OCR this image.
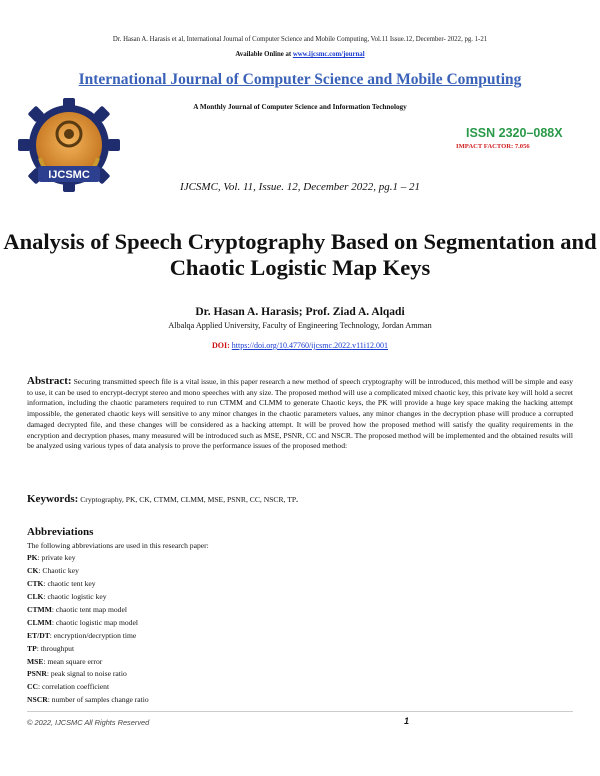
Dr. Hasan A. Harasis et al, International Journal of Computer Science and Mobile Computing, Vol.11 Issue.12, December- 2022, pg. 1-21
Available Online at www.ijcsmc.com/journal
International Journal of Computer Science and Mobile Computing
A Monthly Journal of Computer Science and Information Technology
IJCSMC
ISSN 2320–088X
IMPACT FACTOR: 7.056
IJCSMC, Vol. 11, Issue. 12, December 2022, pg.1 – 21
Analysis of Speech Cryptography Based on Segmentation and Chaotic Logistic Map Keys
Dr. Hasan A. Harasis; Prof. Ziad A. Alqadi
Albalqa Applied University, Faculty of Engineering Technology, Jordan Amman
DOI: https://doi.org/10.47760/ijcsmc.2022.v11i12.001

Abstract: Securing transmitted speech file is a vital issue, in this paper research a new method of speech cryptography will be introduced, this method will be simple and easy to use, it can be used to encrypt-decrypt stereo and mono speeches with any size. The proposed method will use a complicated mixed chaotic key, this private key will hold a secret information, including the chaotic parameters required to run CTMM and CLMM to generate Chaotic keys, the PK will provide a huge key space making the hacking attempt impossible, the generated chaotic keys will sensitive to any minor changes in the chaotic parameters values, any minor changes in the decryption phase will produce a corrupted damaged decrypted file, and these changes will be considered as a hacking attempt. It will be proved how the proposed method will satisfy the quality requirements in the encryption and decryption phases, many measured will be introduced such as MSE, PSNR, CC and NSCR. The proposed method will be implemented and the obtained results will be analyzed using various types of data analysis to prove the performance issues of the proposed method:

Keywords: Cryptography, PK, CK, CTMM, CLMM, MSE, PSNR, CC, NSCR, TP.

Abbreviations
The following abbreviations are used in this research paper:
PK: private key
CK: Chaotic key
CTK: chaotic tent key
CLK: chaotic logistic key
CTMM: chaotic tent map model
CLMM: chaotic logistic map model
ET/DT: encryption/decryption time
TP: throughput
MSE: mean square error
PSNR: peak signal to noise ratio
CC: correlation coefficient
NSCR: number of samples change ratio
© 2022, IJCSMC All Rights Reserved	1
